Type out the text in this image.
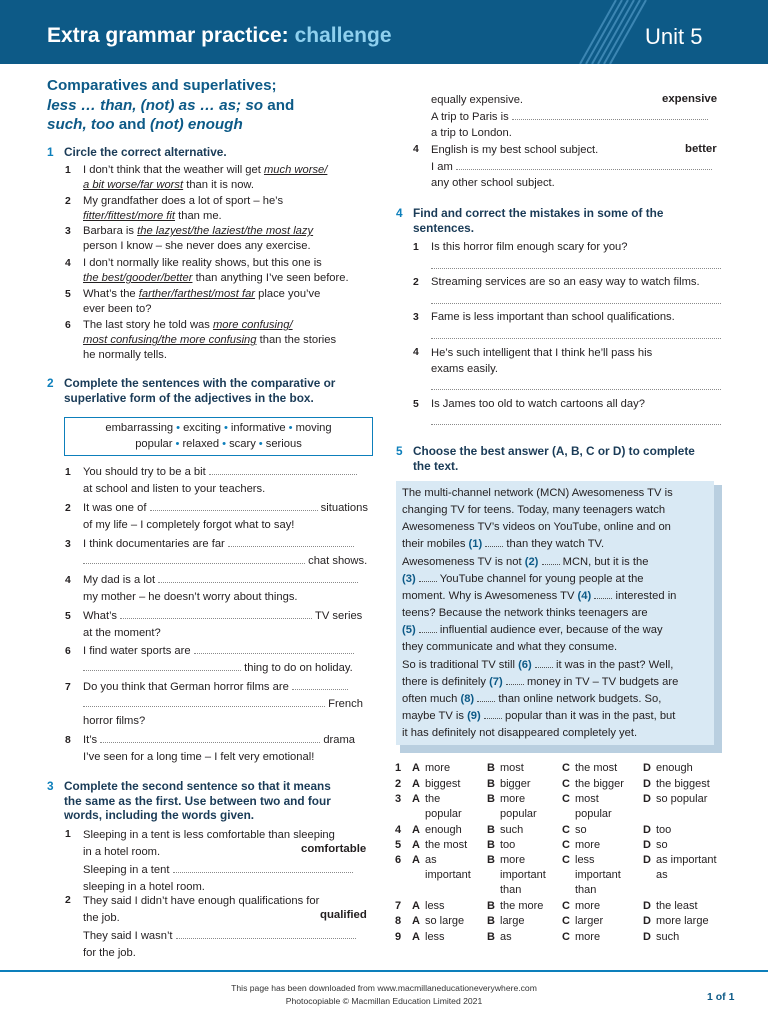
Extra grammar practice: challenge	Unit 5
Comparatives and superlatives;
less … than, (not) as … as; so and
such, too and (not) enough
1 Circle the correct alternative.
1 I don’t think that the weather will get much worse/
a bit worse/far worst than it is now.
2 My grandfather does a lot of sport – he’s
fitter/fittest/more fit than me.
3 Barbara is the lazyest/the laziest/the most lazy
person I know – she never does any exercise.
4 I don’t normally like reality shows, but this one is
the best/gooder/better than anything I’ve seen before.
5 What’s the farther/farthest/most far place you’ve
ever been to?
6 The last story he told was more confusing/
most confusing/the more confusing than the stories
he normally tells.
2 Complete the sentences with the comparative or
superlative form of the adjectives in the box.
embarrassing • exciting • informative • moving
popular • relaxed • scary • serious
1 You should try to be a bit
at school and listen to your teachers.
2 It was one of	situations
of my life – I completely forgot what to say!
3 I think documentaries are far
chat shows.
4 My dad is a lot
my mother – he doesn’t worry about things.
5 What’s	TV series
at the moment?
6 I find water sports are
thing to do on holiday.
7 Do you think that German horror films are
French
horror films?
8 It’s	drama
I’ve seen for a long time – I felt very emotional!
3 Complete the second sentence so that it means
the same as the first. Use between two and four
words, including the words given.
1 Sleeping in a tent is less comfortable than sleeping
in a hotel room.
Sleeping in a tent
sleeping in a hotel room.
comfortable
2 They said I didn’t have enough qualifications for
the job.
They said I wasn’t
for the job.
qualified
equally expensive.
A trip to Paris is
a trip to London.
expensive
4 English is my best school subject.
I am
any other school subject.
better
4 Find and correct the mistakes in some of the
sentences.
1 Is this horror film enough scary for you?
2 Streaming services are so an easy way to watch films.
3 Fame is less important than school qualifications.
4 He’s such intelligent that I think he’ll pass his
exams easily.
5 Is James too old to watch cartoons all day?
5 Choose the best answer (A, B, C or D) to complete
the text.
The multi-channel network (MCN) Awesomeness TV is
changing TV for teens. Today, many teenagers watch
Awesomeness TV’s videos on YouTube, online and on
their mobiles (1)  than they watch TV.
Awesomeness TV is not (2)  MCN, but it is the
(3)  YouTube channel for young people at the
moment. Why is Awesomeness TV (4)  interested in
teens? Because the network thinks teenagers are
(5)  influential audience ever, because of the way
they communicate and what they consume.
So is traditional TV still (6)  it was in the past? Well,
there is definitely (7)  money in TV – TV budgets are
often much (8)  than online network budgets. So,
maybe TV is (9)  popular than it was in the past, but
it has definitely not disappeared completely yet.
1 A more	B most	C the most	D enough
2 A biggest	B bigger	C the bigger	D the biggest
3 A the
popular
B more
popular
C most
popular
D so popular
4 A enough	B such	C so	D too
5 A the most	B too	C more	D so
6 A as
important
B more
important
than
C less
important
than
D as important
as
7 A less	B the more	C more	D the least
8 A so large	B large	C larger	D more large
9 A less	B as	C more	D such
This page has been downloaded from www.macmillaneducationeverywhere.com
Photocopiable © Macmillan Education Limited 2021	1 of 1
